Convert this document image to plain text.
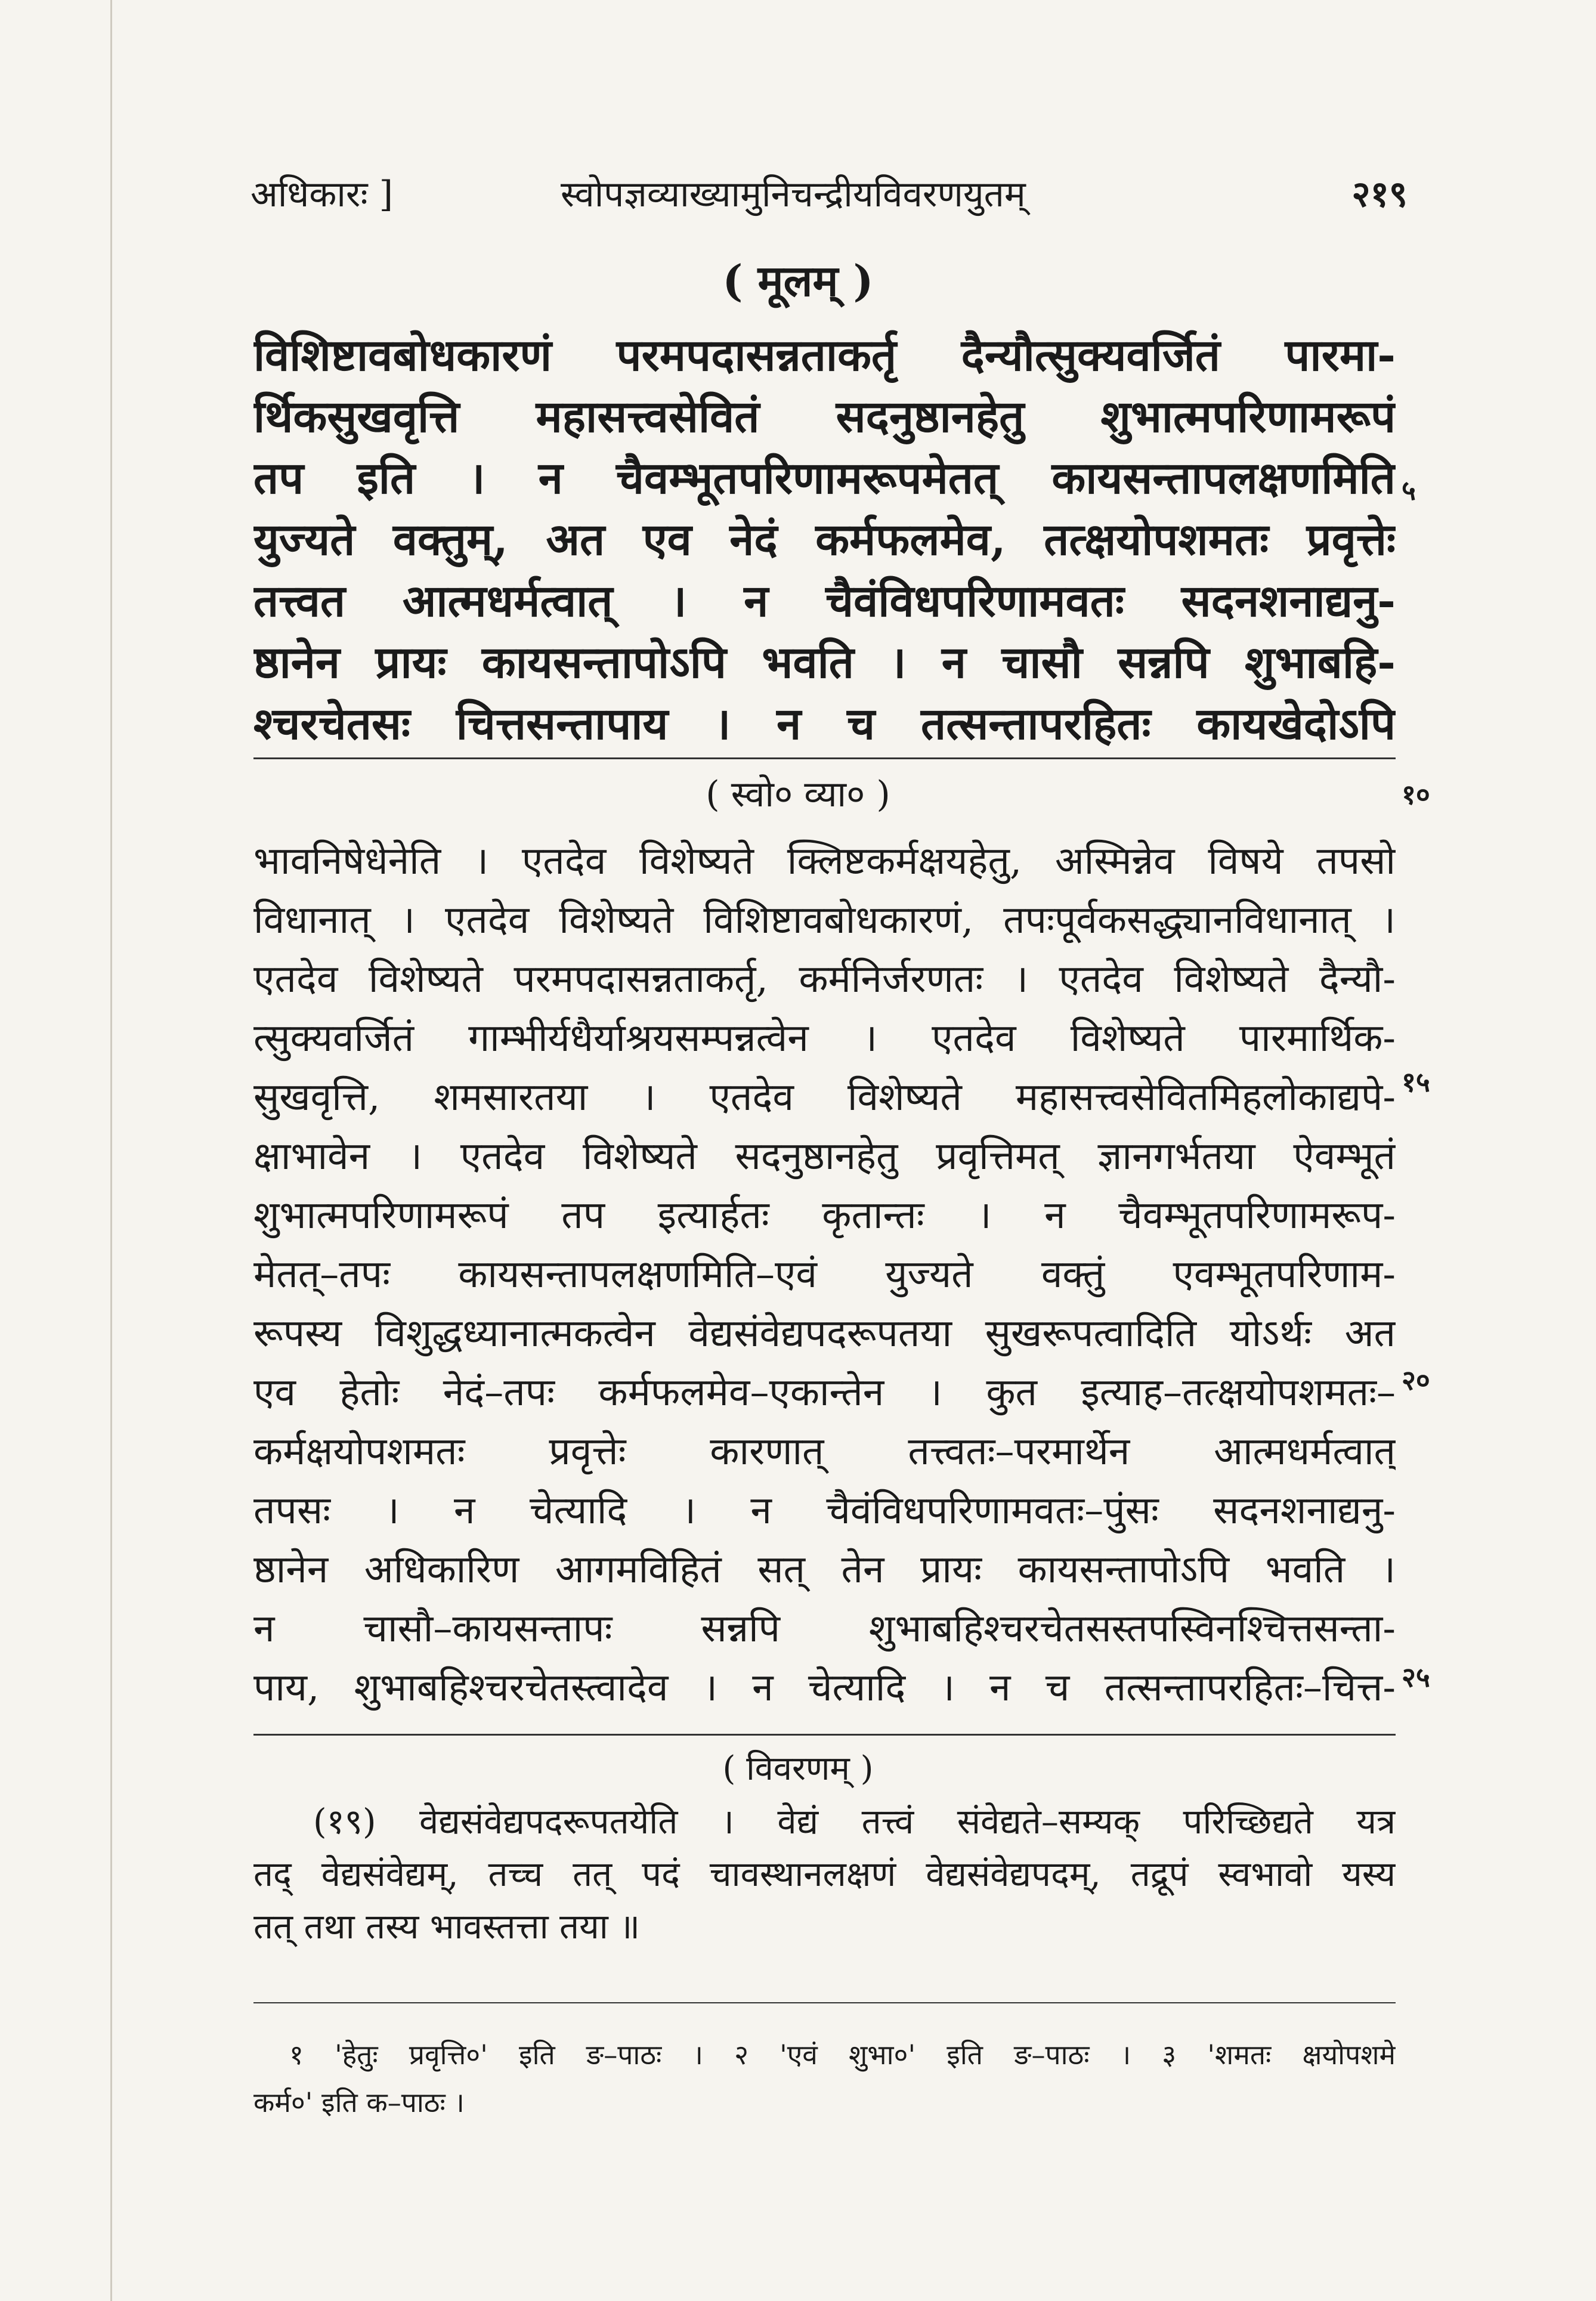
अधिकारः ]	स्वोपज्ञव्याख्यामुनिचन्द्रीयविवरणयुतम्	२१९
( मूलम् )
विशिष्टावबोधकारणं परमपदासन्नताकर्तृ दैन्यौत्सुक्यवर्जितं पारमा-
र्थिकसुखवृत्ति महासत्त्वसेवितं सदनुष्ठानहेतु शुभात्मपरिणामरूपं
तप इति । न चैवम्भूतपरिणामरूपमेतत् कायसन्तापलक्षणमिति
युज्यते वक्तुम्, अत एव नेदं कर्मफलमेव, तत्क्षयोपशमतः प्रवृत्तेः
तत्त्वत आत्मधर्मत्वात् । न चैवंविधपरिणामवतः सदनशनाद्यनु-
ष्ठानेन प्रायः कायसन्तापोऽपि भवति । न चासौ सन्नपि शुभाबहि-
श्चरचेतसः चित्तसन्तापाय । न च तत्सन्तापरहितः कायखेदोऽपि
५
( स्वो० व्या० )	१०
भावनिषेधेनेति । एतदेव विशेष्यते क्लिष्टकर्मक्षयहेतु, अस्मिन्नेव विषये तपसो
विधानात् । एतदेव विशेष्यते विशिष्टावबोधकारणं, तपःपूर्वकसद्ध्यानविधानात् ।
एतदेव विशेष्यते परमपदासन्नताकर्तृ, कर्मनिर्जरणतः । एतदेव विशेष्यते दैन्यौ-
त्सुक्यवर्जितं गाम्भीर्यधैर्याश्रयसम्पन्नत्वेन । एतदेव विशेष्यते पारमार्थिक-
सुखवृत्ति, शमसारतया । एतदेव विशेष्यते महासत्त्वसेवितमिहलोकाद्यपे-
क्षाभावेन । एतदेव विशेष्यते सदनुष्ठानहेतु प्रवृत्तिमत् ज्ञानगर्भतया ऐवम्भूतं
शुभात्मपरिणामरूपं तप इत्यार्हतः कृतान्तः । न चैवम्भूतपरिणामरूप-
मेतत्–तपः कायसन्तापलक्षणमिति–एवं युज्यते वक्तुं एवम्भूतपरिणाम-
रूपस्य विशुद्धध्यानात्मकत्वेन वेद्यसंवेद्यपदरूपतया सुखरूपत्वादिति योऽर्थः अत
एव हेतोः नेदं–तपः कर्मफलमेव–एकान्तेन । कुत इत्याह–तत्क्षयोपशमतः–
कर्मक्षयोपशमतः प्रवृत्तेः कारणात् तत्त्वतः–परमार्थेन आत्मधर्मत्वात्
तपसः । न चेत्यादि । न चैवंविधपरिणामवतः–पुंसः सदनशनाद्यनु-
ष्ठानेन अधिकारिण आगमविहितं सत् तेन प्रायः कायसन्तापोऽपि भवति ।
न चासौ–कायसन्तापः सन्नपि शुभाबहिश्चरचेतसस्तपस्विनश्चित्तसन्ता-
पाय, शुभाबहिश्चरचेतस्त्वादेव । न चेत्यादि । न च तत्सन्तापरहितः–चित्त-
१५
२०
२५
( विवरणम् )
(१९) वेद्यसंवेद्यपदरूपतयेति । वेद्यं तत्त्वं संवेद्यते–सम्यक् परिच्छिद्यते यत्र
तद् वेद्यसंवेद्यम्, तच्च तत् पदं चावस्थानलक्षणं वेद्यसंवेद्यपदम्, तद्रूपं स्वभावो यस्य
तत् तथा तस्य भावस्तत्ता तया ॥
१ 'हेतुः प्रवृत्ति०' इति ङ–पाठः । २ 'एवं शुभा०' इति ङ–पाठः । ३ 'शमतः क्षयोपशमे
कर्म०' इति क–पाठः ।
